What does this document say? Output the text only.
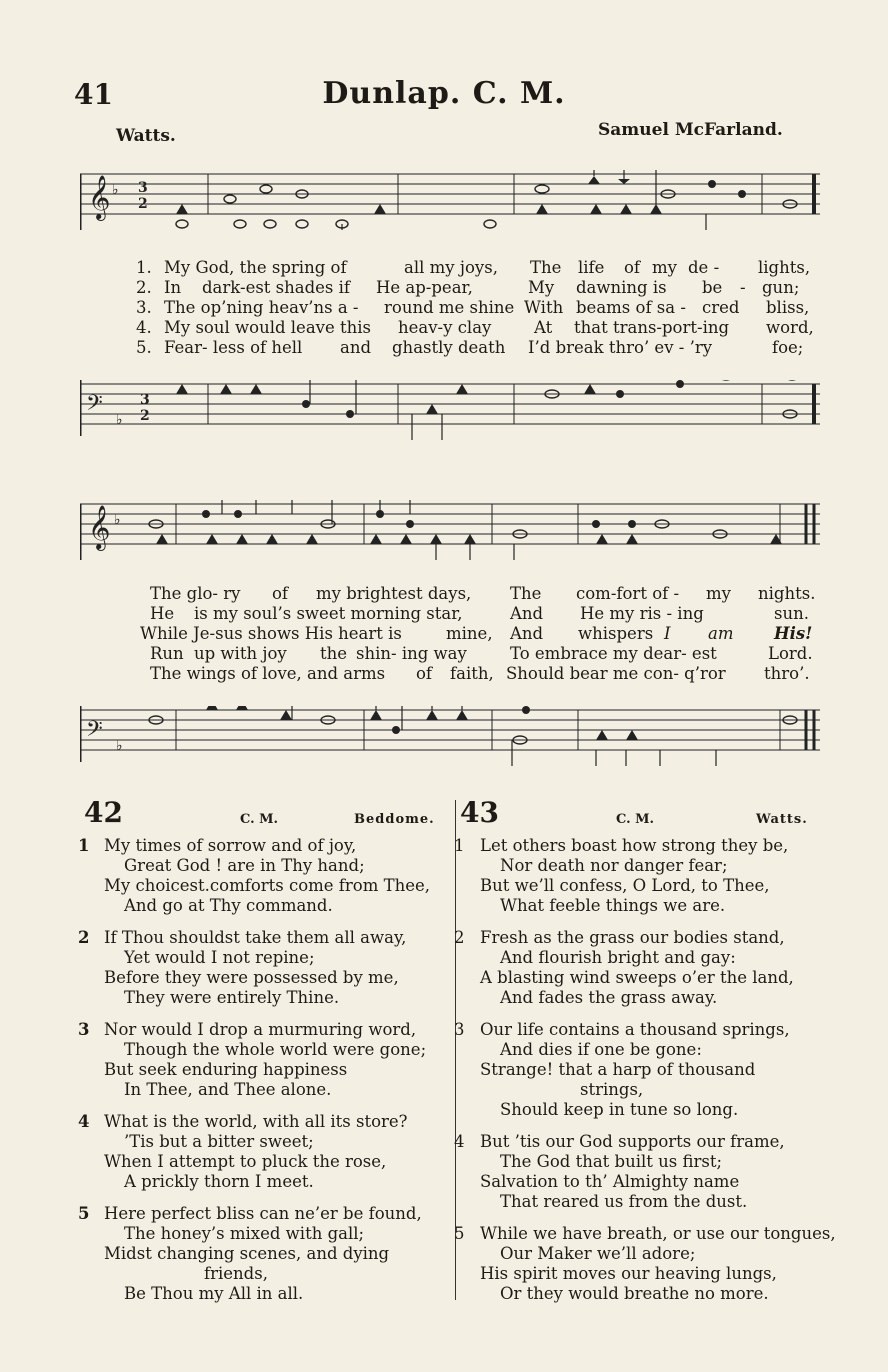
41	Dunlap. C. M.
Watts.	Samuel McFarland.
𝄞 ♭ 3
2
1. My God, the spring of	all my joys, The life of my de - lights,
2. In dark-est shades if He ap-pear,	My dawning is be - gun;
3. The op’ning heav’ns a - round me shine With beams of sa - cred bliss,
4. My soul would leave this heav-y clay	At that trans-port-ing word,
5. Fear- less of hell and ghastly death I’d break thro’ ev - ’ry	foe;
𝄢 ♭
3
2
𝄞 ♭
The glo- ry of my brightest days, The com-fort of - my nights.
He is my soul’s sweet morning star,	And He my ris - ing	sun.
While Je-sus shows His heart is	mine, And whispers I am His!
Run up with joy the shin- ing way	To embrace my dear- est	Lord.
The wings of love, and arms of faith, Should bear me con- q’ror thro’.
𝄢 ♭
42	C. M.	Beddome.
1 My times of sorrow and of joy,
Great God ! are in Thy hand;
My choicest.comforts come from Thee,
And go at Thy command.
2 If Thou shouldst take them all away,
Yet would I not repine;
Before they were possessed by me,
They were entirely Thine.
3 Nor would I drop a murmuring word,
Though the whole world were gone;
But seek enduring happiness
In Thee, and Thee alone.
4 What is the world, with all its store?
’Tis but a bitter sweet;
When I attempt to pluck the rose,
A prickly thorn I meet.
5 Here perfect bliss can ne’er be found,
The honey’s mixed with gall;
Midst changing scenes, and dying
friends,
Be Thou my All in all.
43	C. M.	Watts.
1 Let others boast how strong they be,
Nor death nor danger fear;
But we’ll confess, O Lord, to Thee,
What feeble things we are.
2 Fresh as the grass our bodies stand,
And flourish bright and gay:
A blasting wind sweeps o’er the land,
And fades the grass away.
3 Our life contains a thousand springs,
And dies if one be gone:
Strange! that a harp of thousand
strings,
Should keep in tune so long.
4 But ’tis our God supports our frame,
The God that built us first;
Salvation to th’ Almighty name
That reared us from the dust.
5 While we have breath, or use our tongues,
Our Maker we’ll adore;
His spirit moves our heaving lungs,
Or they would breathe no more.
